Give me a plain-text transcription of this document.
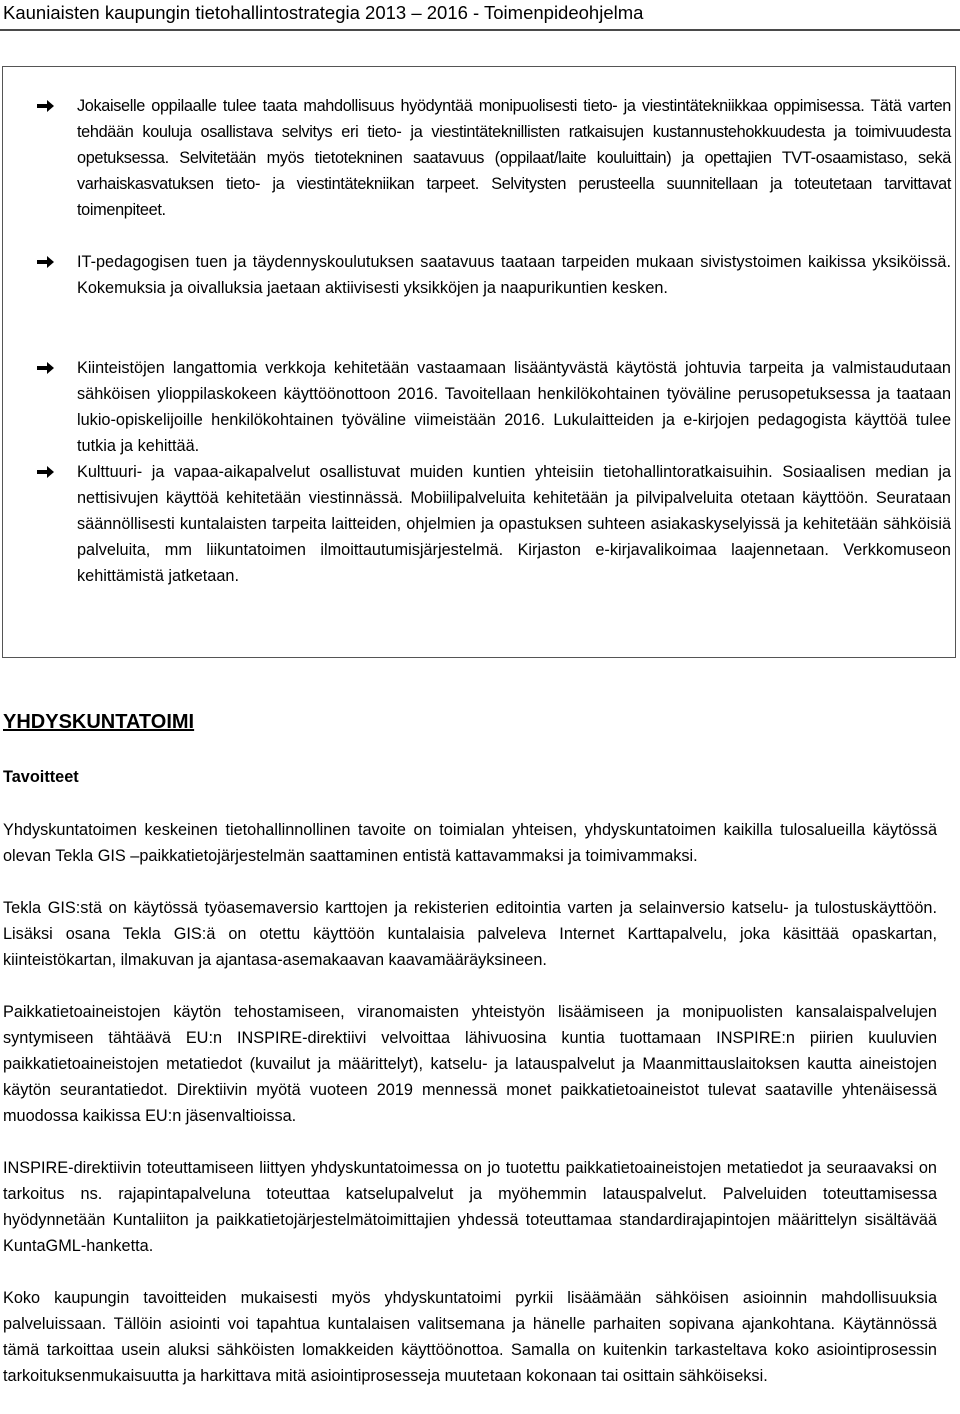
Kauniaisten kaupungin tietohallintostrategia 2013 – 2016 - Toimenpideohjelma
Jokaiselle oppilaalle tulee taata mahdollisuus hyödyntää monipuolisesti tieto- ja viestintätekniikkaa oppimisessa. Tätä varten tehdään kouluja osallistava selvitys eri tieto- ja viestintäteknillisten ratkaisujen kustannustehokkuudesta ja toimivuudesta opetuksessa. Selvitetään myös tietotekninen saatavuus (oppilaat/laite kouluittain) ja opettajien TVT-osaamistaso, sekä varhaiskasvatuksen tieto- ja viestintätekniikan tarpeet. Selvitysten perusteella suunnitellaan ja toteutetaan tarvittavat toimenpiteet.
IT-pedagogisen tuen ja täydennyskoulutuksen saatavuus taataan tarpeiden mukaan sivistystoimen kaikissa yksiköissä. Kokemuksia ja oivalluksia jaetaan aktiivisesti yksikköjen ja naapurikuntien kesken.
Kiinteistöjen langattomia verkkoja kehitetään vastaamaan lisääntyvästä käytöstä johtuvia tarpeita ja valmistaudutaan sähköisen ylioppilaskokeen käyttöönottoon 2016. Tavoitellaan henkilökohtainen työväline perusopetuksessa ja taataan lukio-opiskelijoille henkilökohtainen työväline viimeistään 2016. Lukulaitteiden ja e-kirjojen pedagogista käyttöä tulee tutkia ja kehittää.
Kulttuuri- ja vapaa-aikapalvelut osallistuvat muiden kuntien yhteisiin tietohallintoratkaisuihin. Sosiaalisen median ja nettisivujen käyttöä kehitetään viestinnässä. Mobiilipalveluita kehitetään ja pilvipalveluita otetaan käyttöön. Seurataan säännöllisesti kuntalaisten tarpeita laitteiden, ohjelmien ja opastuksen suhteen asiakaskyselyissä ja kehitetään sähköisiä palveluita, mm liikuntatoimen ilmoittautumisjärjestelmä. Kirjaston e-kirjavalikoimaa laajennetaan. Verkkomuseon kehittämistä jatketaan.
YHDYSKUNTATOIMI
Tavoitteet
Yhdyskuntatoimen keskeinen tietohallinnollinen tavoite on toimialan yhteisen, yhdyskuntatoimen kaikilla tulosalueilla käytössä olevan Tekla GIS –paikkatietojärjestelmän saattaminen entistä kattavammaksi ja toimivammaksi.
Tekla GIS:stä on käytössä työasemaversio karttojen ja rekisterien editointia varten ja selainversio katselu- ja tulostuskäyttöön. Lisäksi osana Tekla GIS:ä on otettu käyttöön kuntalaisia palveleva Internet Karttapalvelu, joka käsittää opaskartan, kiinteistökartan, ilmakuvan ja ajantasa-asemakaavan kaavamääräyksineen.
Paikkatietoaineistojen käytön tehostamiseen, viranomaisten yhteistyön lisäämiseen ja monipuolisten kansalaispalvelujen syntymiseen tähtäävä EU:n INSPIRE-direktiivi velvoittaa lähivuosina kuntia tuottamaan INSPIRE:n piirien kuuluvien paikkatietoaineistojen metatiedot (kuvailut ja määrittelyt), katselu- ja latauspalvelut ja Maanmittauslaitoksen kautta aineistojen käytön seurantatiedot. Direktiivin myötä vuoteen 2019 mennessä monet paikkatietoaineistot tulevat saataville yhtenäisessä muodossa kaikissa EU:n jäsenvaltioissa.
INSPIRE-direktiivin toteuttamiseen liittyen yhdyskuntatoimessa on jo tuotettu paikkatietoaineistojen metatiedot ja seuraavaksi on tarkoitus ns. rajapintapalveluna toteuttaa katselupalvelut ja myöhemmin latauspalvelut. Palveluiden toteuttamisessa hyödynnetään Kuntaliiton ja paikkatietojärjestelmätoimittajien yhdessä toteuttamaa standardirajapintojen määrittelyn sisältävää KuntaGML-hanketta.
Koko kaupungin tavoitteiden mukaisesti myös yhdyskuntatoimi pyrkii lisäämään sähköisen asioinnin mahdollisuuksia palveluissaan. Tällöin asiointi voi tapahtua kuntalaisen valitsemana ja hänelle parhaiten sopivana ajankohtana. Käytännössä tämä tarkoittaa usein aluksi sähköisten lomakkeiden käyttöönottoa. Samalla on kuitenkin tarkasteltava koko asiointiprosessin tarkoituksenmukaisuutta ja harkittava mitä asiointiprosesseja muutetaan kokonaan tai osittain sähköiseksi.
